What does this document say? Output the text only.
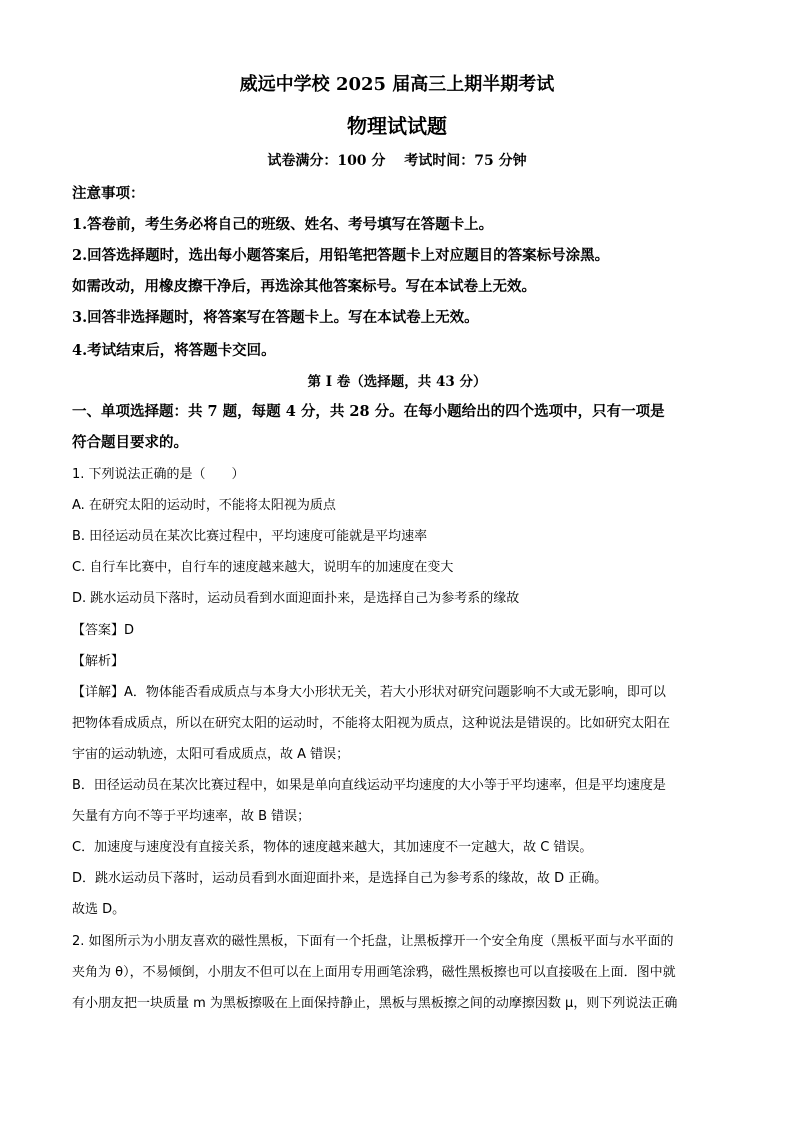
威远中学校 2025 届高三上期半期考试
物理试试题
试卷满分：100 分　 考试时间：75 分钟
注意事项：
1.答卷前，考生务必将自己的班级、姓名、考号填写在答题卡上。
2.回答选择题时，选出每小题答案后，用铅笔把答题卡上对应题目的答案标号涂黑。
如需改动，用橡皮擦干净后，再选涂其他答案标号。写在本试卷上无效。
3.回答非选择题时，将答案写在答题卡上。写在本试卷上无效。
4.考试结束后，将答题卡交回。
第 I 卷（选择题，共 43 分）
一、单项选择题：共 7 题，每题 4 分，共 28 分。在每小题给出的四个选项中，只有一项是
符合题目要求的。
1. 下列说法正确的是（　　）
A. 在研究太阳的运动时，不能将太阳视为质点
B. 田径运动员在某次比赛过程中，平均速度可能就是平均速率
C. 自行车比赛中，自行车的速度越来越大，说明车的加速度在变大
D. 跳水运动员下落时，运动员看到水面迎面扑来，是选择自己为参考系的缘故
【答案】D
【解析】
【详解】A．物体能否看成质点与本身大小形状无关，若大小形状对研究问题影响不大或无影响，即可以
把物体看成质点，所以在研究太阳的运动时，不能将太阳视为质点，这种说法是错误的。比如研究太阳在
宇宙的运动轨迹，太阳可看成质点，故 A 错误；
B．田径运动员在某次比赛过程中，如果是单向直线运动平均速度的大小等于平均速率，但是平均速度是
矢量有方向不等于平均速率，故 B 错误；
C．加速度与速度没有直接关系，物体的速度越来越大，其加速度不一定越大，故 C 错误。
D．跳水运动员下落时，运动员看到水面迎面扑来，是选择自己为参考系的缘故，故 D 正确。
故选 D。
2. 如图所示为小朋友喜欢的磁性黑板，下面有一个托盘，让黑板撑开一个安全角度（黑板平面与水平面的
夹角为 θ），不易倾倒，小朋友不但可以在上面用专用画笔涂鸦，磁性黑板擦也可以直接吸在上面．图中就
有小朋友把一块质量 m 为黑板擦吸在上面保持静止，黑板与黑板擦之间的动摩擦因数 μ，则下列说法正确
